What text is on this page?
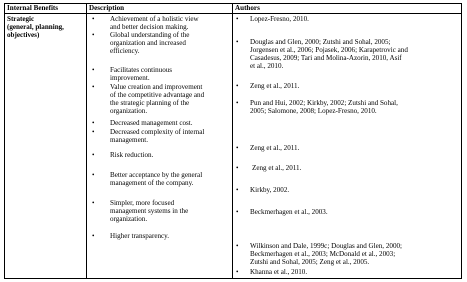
Internal Benefits	Description	Authors
Strategic
(general, planning,
objectives)
• Achievement of a holistic view
and better decision making.
• Global understanding of the
organization and increased
efficiency.
• Facilitates continuous
improvement.
• Value creation and improvement
of the competitive advantage and
the strategic planning of the
organization.
• Decreased management cost.
• Decreased complexity of internal
management.
• Risk reduction.
• Better acceptance by the general
management of the company.
• Simpler, more focused
management systems in the
organization.
• Higher transparency.
• Lopez-Fresno, 2010.
• Douglas and Glen, 2000; Zutshi and Sohal, 2005;
Jorgensen et al., 2006; Pojasek, 2006; Karapetrovic and
Casadesus, 2009; Tari and Molina-Azorin, 2010, Asif
et al., 2010.
• Zeng et al., 2011.
• Pun and Hui, 2002; Kirkby, 2002; Zutshi and Sohal,
2005; Salomone, 2008; Lopez-Fresno, 2010.
• Zeng et al., 2011.
• Zeng et al., 2011.
• Kirkby, 2002.
• Beckmerhagen et al., 2003.
• Wilkinson and Dale, 1999c; Douglas and Glen, 2000;
Beckmerhagen et al., 2003; McDonald et al., 2003;
Zutshi and Sohal, 2005; Zeng et al., 2005.
• Khanna et al., 2010.
